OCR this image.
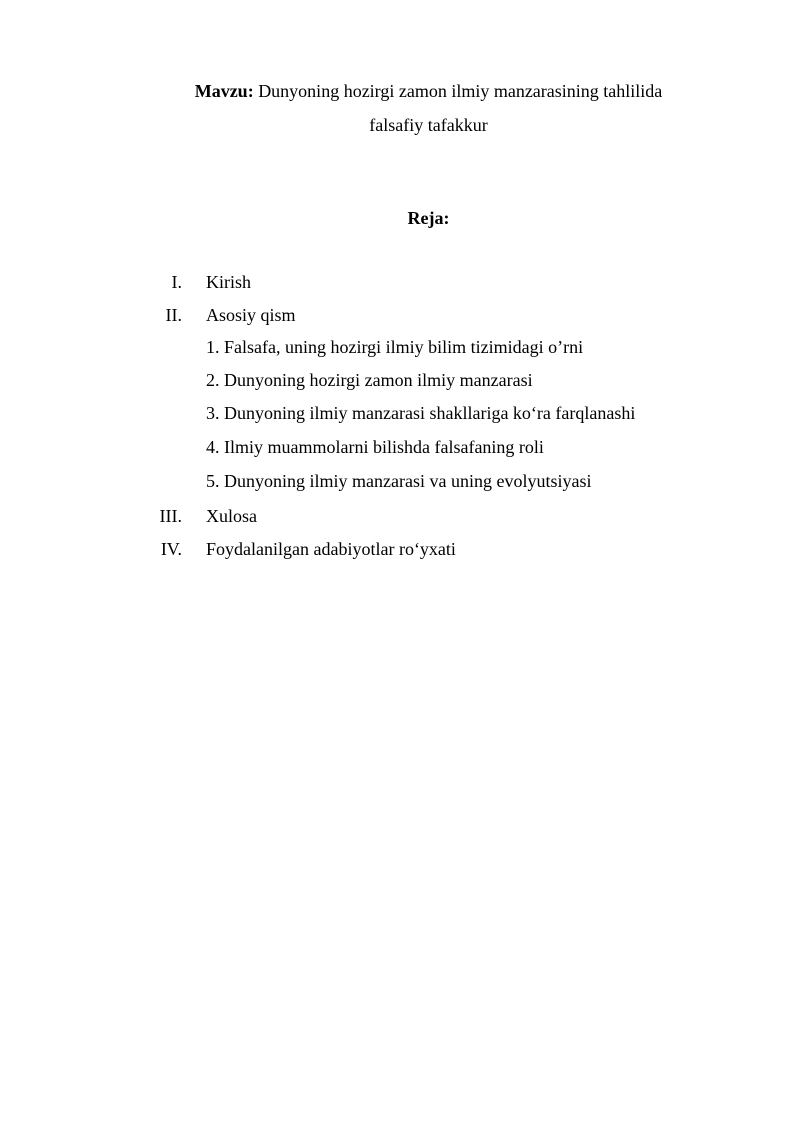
Mavzu: Dunyoning hozirgi zamon ilmiy manzarasining tahlilida
falsafiy tafakkur
Reja:
I. Kirish
II. Asosiy qism
1. Falsafa, uning hozirgi ilmiy bilim tizimidagi o’rni
2. Dunyoning hozirgi zamon ilmiy manzarasi
3. Dunyoning ilmiy manzarasi shakllariga ko‘ra farqlanashi
4. Ilmiy muammolarni bilishda falsafaning roli
5. Dunyoning ilmiy manzarasi va uning evolyutsiyasi
III. Xulosa
IV. Foydalanilgan adabiyotlar ro‘yxati
